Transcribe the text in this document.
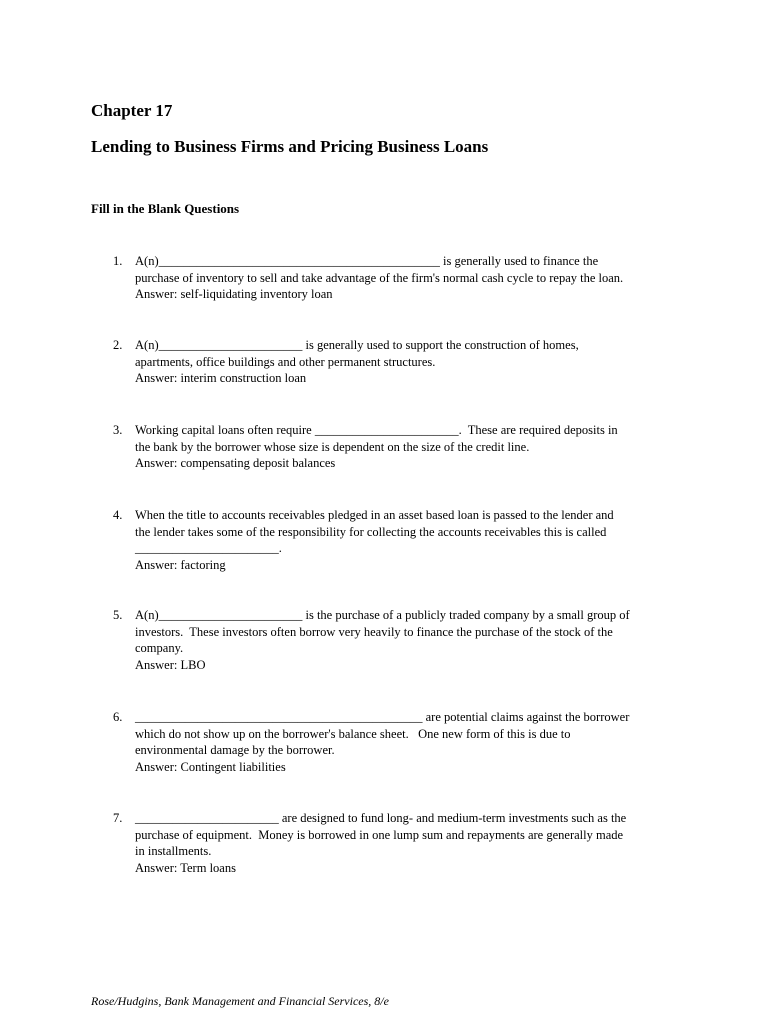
Chapter 17
Lending to Business Firms and Pricing Business Loans
Fill in the Blank Questions
1. A(n)_____________________________________________ is generally used to finance the
purchase of inventory to sell and take advantage of the firm's normal cash cycle to repay the loan.
Answer: self-liquidating inventory loan
2. A(n)_______________________ is generally used to support the construction of homes,
apartments, office buildings and other permanent structures.
Answer: interim construction loan
3. Working capital loans often require _______________________.  These are required deposits in
the bank by the borrower whose size is dependent on the size of the credit line.
Answer: compensating deposit balances
4. When the title to accounts receivables pledged in an asset based loan is passed to the lender and
the lender takes some of the responsibility for collecting the accounts receivables this is called
_______________________.
Answer: factoring
5. A(n)_______________________ is the purchase of a publicly traded company by a small group of
investors.  These investors often borrow very heavily to finance the purchase of the stock of the
company.
Answer: LBO
6. ______________________________________________ are potential claims against the borrower
which do not show up on the borrower's balance sheet.   One new form of this is due to
environmental damage by the borrower.
Answer: Contingent liabilities
7. _______________________ are designed to fund long- and medium-term investments such as the
purchase of equipment.  Money is borrowed in one lump sum and repayments are generally made
in installments.
Answer: Term loans
Rose/Hudgins, Bank Management and Financial Services, 8/e
